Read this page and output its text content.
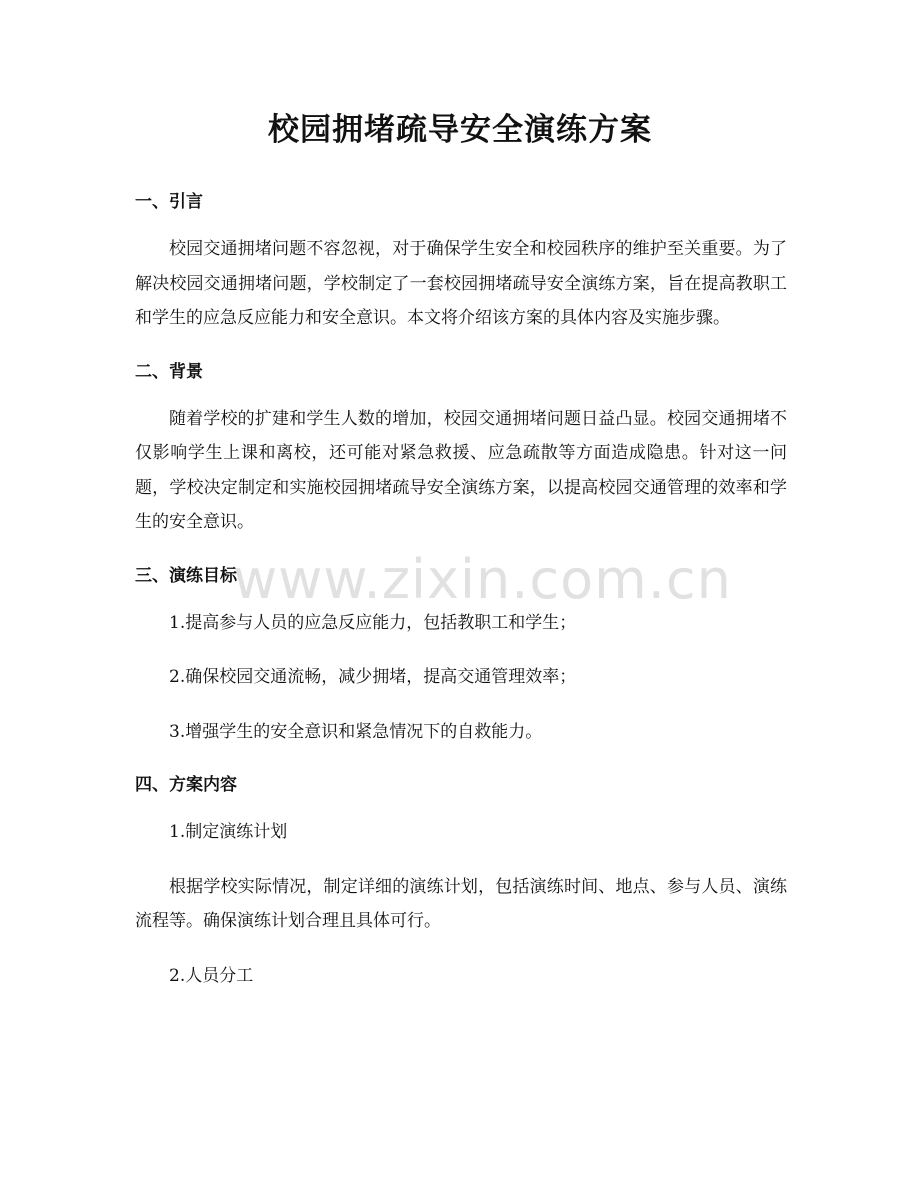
校园拥堵疏导安全演练方案
一、引言

校园交通拥堵问题不容忽视，对于确保学生安全和校园秩序的维护至关重要。为了解决校园交通拥堵问题，学校制定了一套校园拥堵疏导安全演练方案，旨在提高教职工和学生的应急反应能力和安全意识。本文将介绍该方案的具体内容及实施步骤。

二、背景

随着学校的扩建和学生人数的增加，校园交通拥堵问题日益凸显。校园交通拥堵不仅影响学生上课和离校，还可能对紧急救援、应急疏散等方面造成隐患。针对这一问题，学校决定制定和实施校园拥堵疏导安全演练方案，以提高校园交通管理的效率和学生的安全意识。

三、演练目标

1.提高参与人员的应急反应能力，包括教职工和学生；

2.确保校园交通流畅，减少拥堵，提高交通管理效率；

3.增强学生的安全意识和紧急情况下的自救能力。

四、方案内容

1.制定演练计划

根据学校实际情况，制定详细的演练计划，包括演练时间、地点、参与人员、演练流程等。确保演练计划合理且具体可行。

2.人员分工

www.zixin.com.cn
